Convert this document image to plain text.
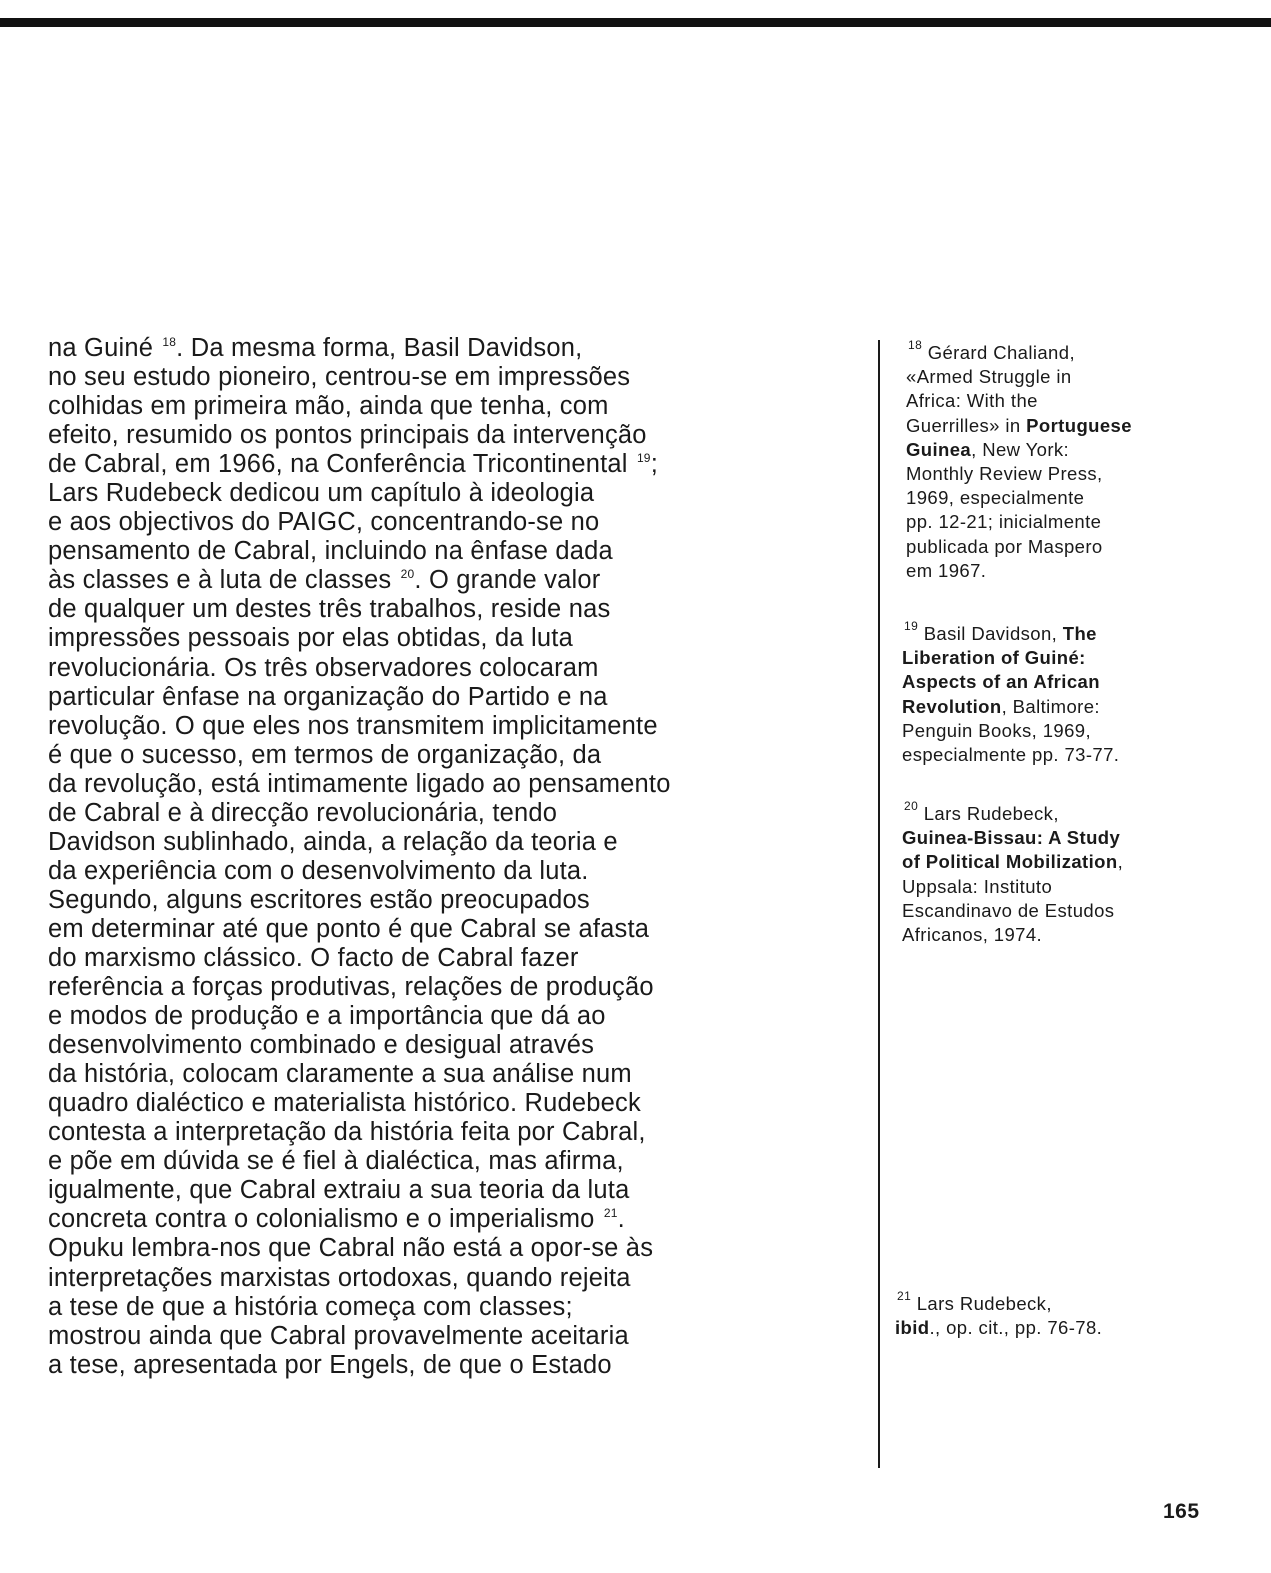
na Guiné $^{18}$. Da mesma forma, Basil Davidson,
no seu estudo pioneiro, centrou-se em impressões
colhidas em primeira mão, ainda que tenha, com
efeito, resumido os pontos principais da intervenção
de Cabral, em 1966, na Conferência Tricontinental $^{19}$;
Lars Rudebeck dedicou um capítulo à ideologia
e aos objectivos do PAIGC, concentrando-se no
pensamento de Cabral, incluindo na ênfase dada
às classes e à luta de classes $^{20}$. O grande valor
de qualquer um destes três trabalhos, reside nas
impressões pessoais por elas obtidas, da luta
revolucionária. Os três observadores colocaram
particular ênfase na organização do Partido e na
revolução. O que eles nos transmitem implicitamente
é que o sucesso, em termos de organização, da
da revolução, está intimamente ligado ao pensamento
de Cabral e à direcção revolucionária, tendo
Davidson sublinhado, ainda, a relação da teoria e
da experiência com o desenvolvimento da luta.
Segundo, alguns escritores estão preocupados
em determinar até que ponto é que Cabral se afasta
do marxismo clássico. O facto de Cabral fazer
referência a forças produtivas, relações de produção
e modos de produção e a importância que dá ao
desenvolvimento combinado e desigual através
da história, colocam claramente a sua análise num
quadro dialéctico e materialista histórico. Rudebeck
contesta a interpretação da história feita por Cabral,
e põe em dúvida se é fiel à dialéctica, mas afirma,
igualmente, que Cabral extraiu a sua teoria da luta
concreta contra o colonialismo e o imperialismo $^{21}$.
Opuku lembra-nos que Cabral não está a opor-se às
interpretações marxistas ortodoxas, quando rejeita
a tese de que a história começa com classes;
mostrou ainda que Cabral provavelmente aceitaria
a tese, apresentada por Engels, de que o Estado
$^{18}$ Gérard Chaliand,
«Armed Struggle in
Africa: With the
Guerrilles» in Portuguese
Guinea, New York:
Monthly Review Press,
1969, especialmente
pp. 12-21; inicialmente
publicada por Maspero
em 1967.
$^{19}$ Basil Davidson, The
Liberation of Guiné:
Aspects of an African
Revolution, Baltimore:
Penguin Books, 1969,
especialmente pp. 73-77.
$^{20}$ Lars Rudebeck,
Guinea-Bissau: A Study
of Political Mobilization,
Uppsala: Instituto
Escandinavo de Estudos
Africanos, 1974.
$^{21}$ Lars Rudebeck,
ibid., op. cit., pp. 76-78.
165
